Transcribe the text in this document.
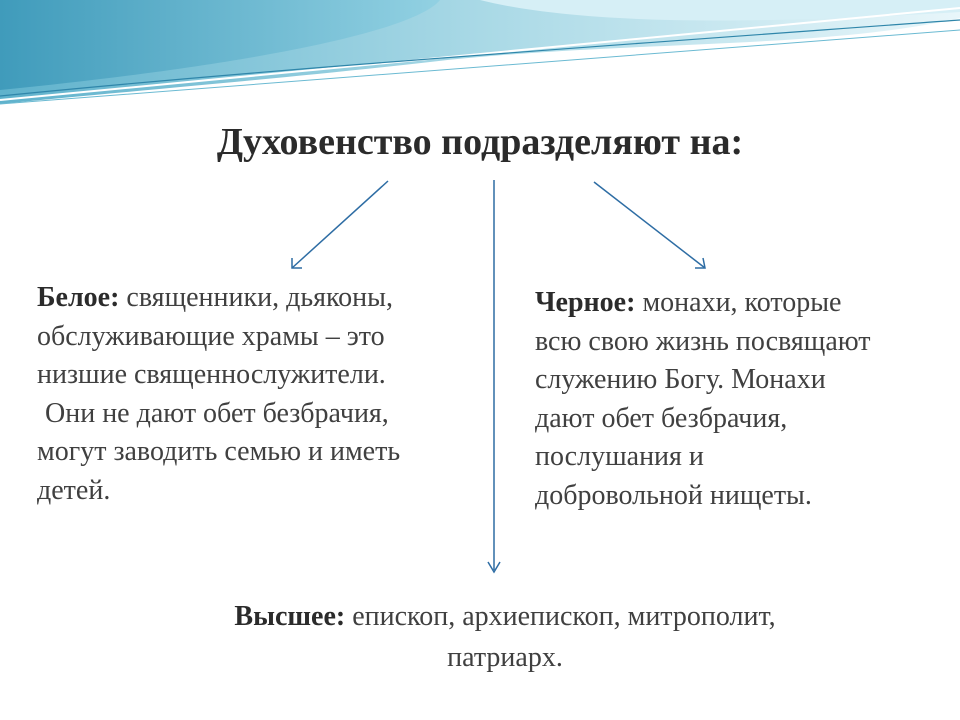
Духовенство подразделяют на:
Белое: священники, дьяконы,
обслуживающие храмы – это
низшие священнослужители.
Они не дают обет безбрачия,
могут заводить семью и иметь
детей.
Черное: монахи, которые
всю свою жизнь посвящают
служению Богу. Монахи
дают обет безбрачия,
послушания и
добровольной нищеты.
Высшее: епископ, архиепископ, митрополит,
патриарх.
